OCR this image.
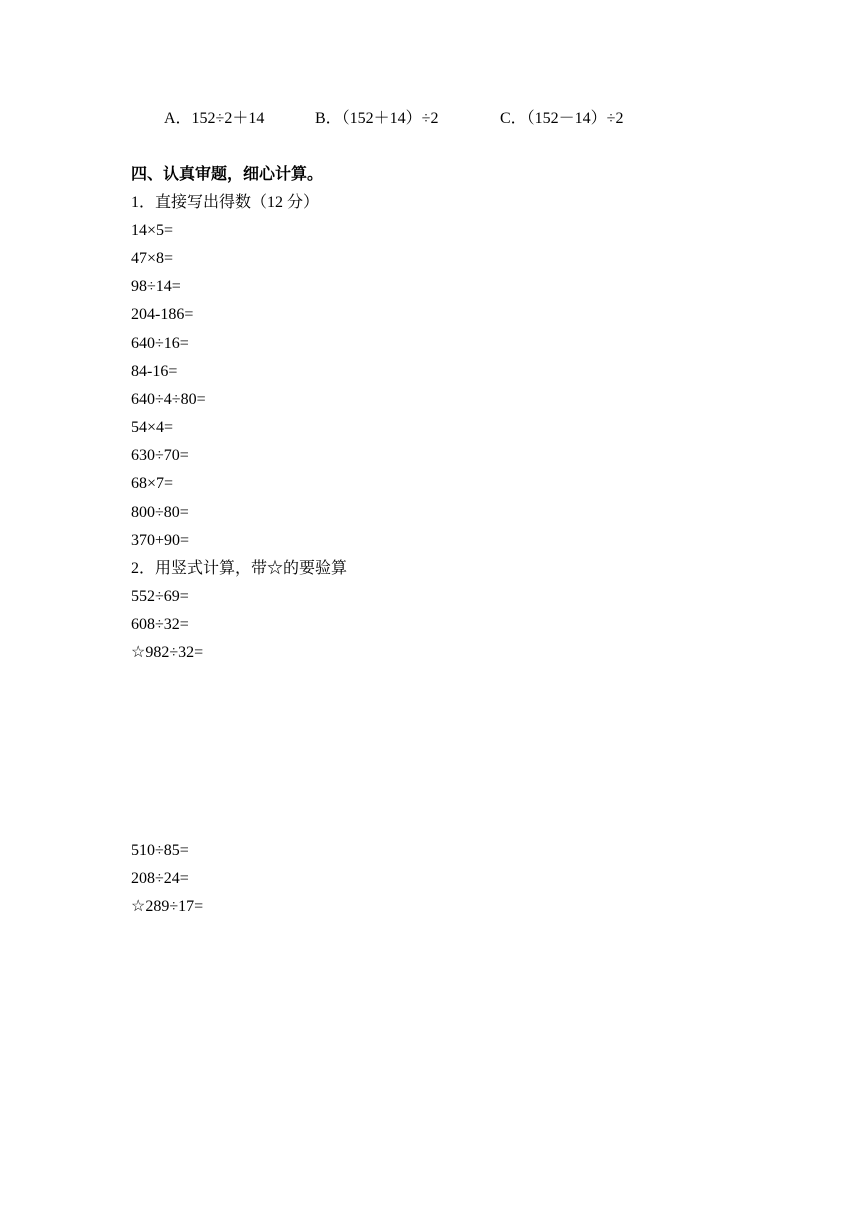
A．152÷2＋14	B．（152＋14）÷2	C．（152－14）÷2
四、认真审题，细心计算。
1．直接写出得数（12 分）
14×5=
47×8=
98÷14=
204-186=
640÷16=
84-16=
640÷4÷80=
54×4=
630÷70=
68×7=
800÷80=
370+90=
2．用竖式计算，带☆的要验算
552÷69=
608÷32=
☆982÷32=
510÷85=
208÷24=
☆289÷17=
